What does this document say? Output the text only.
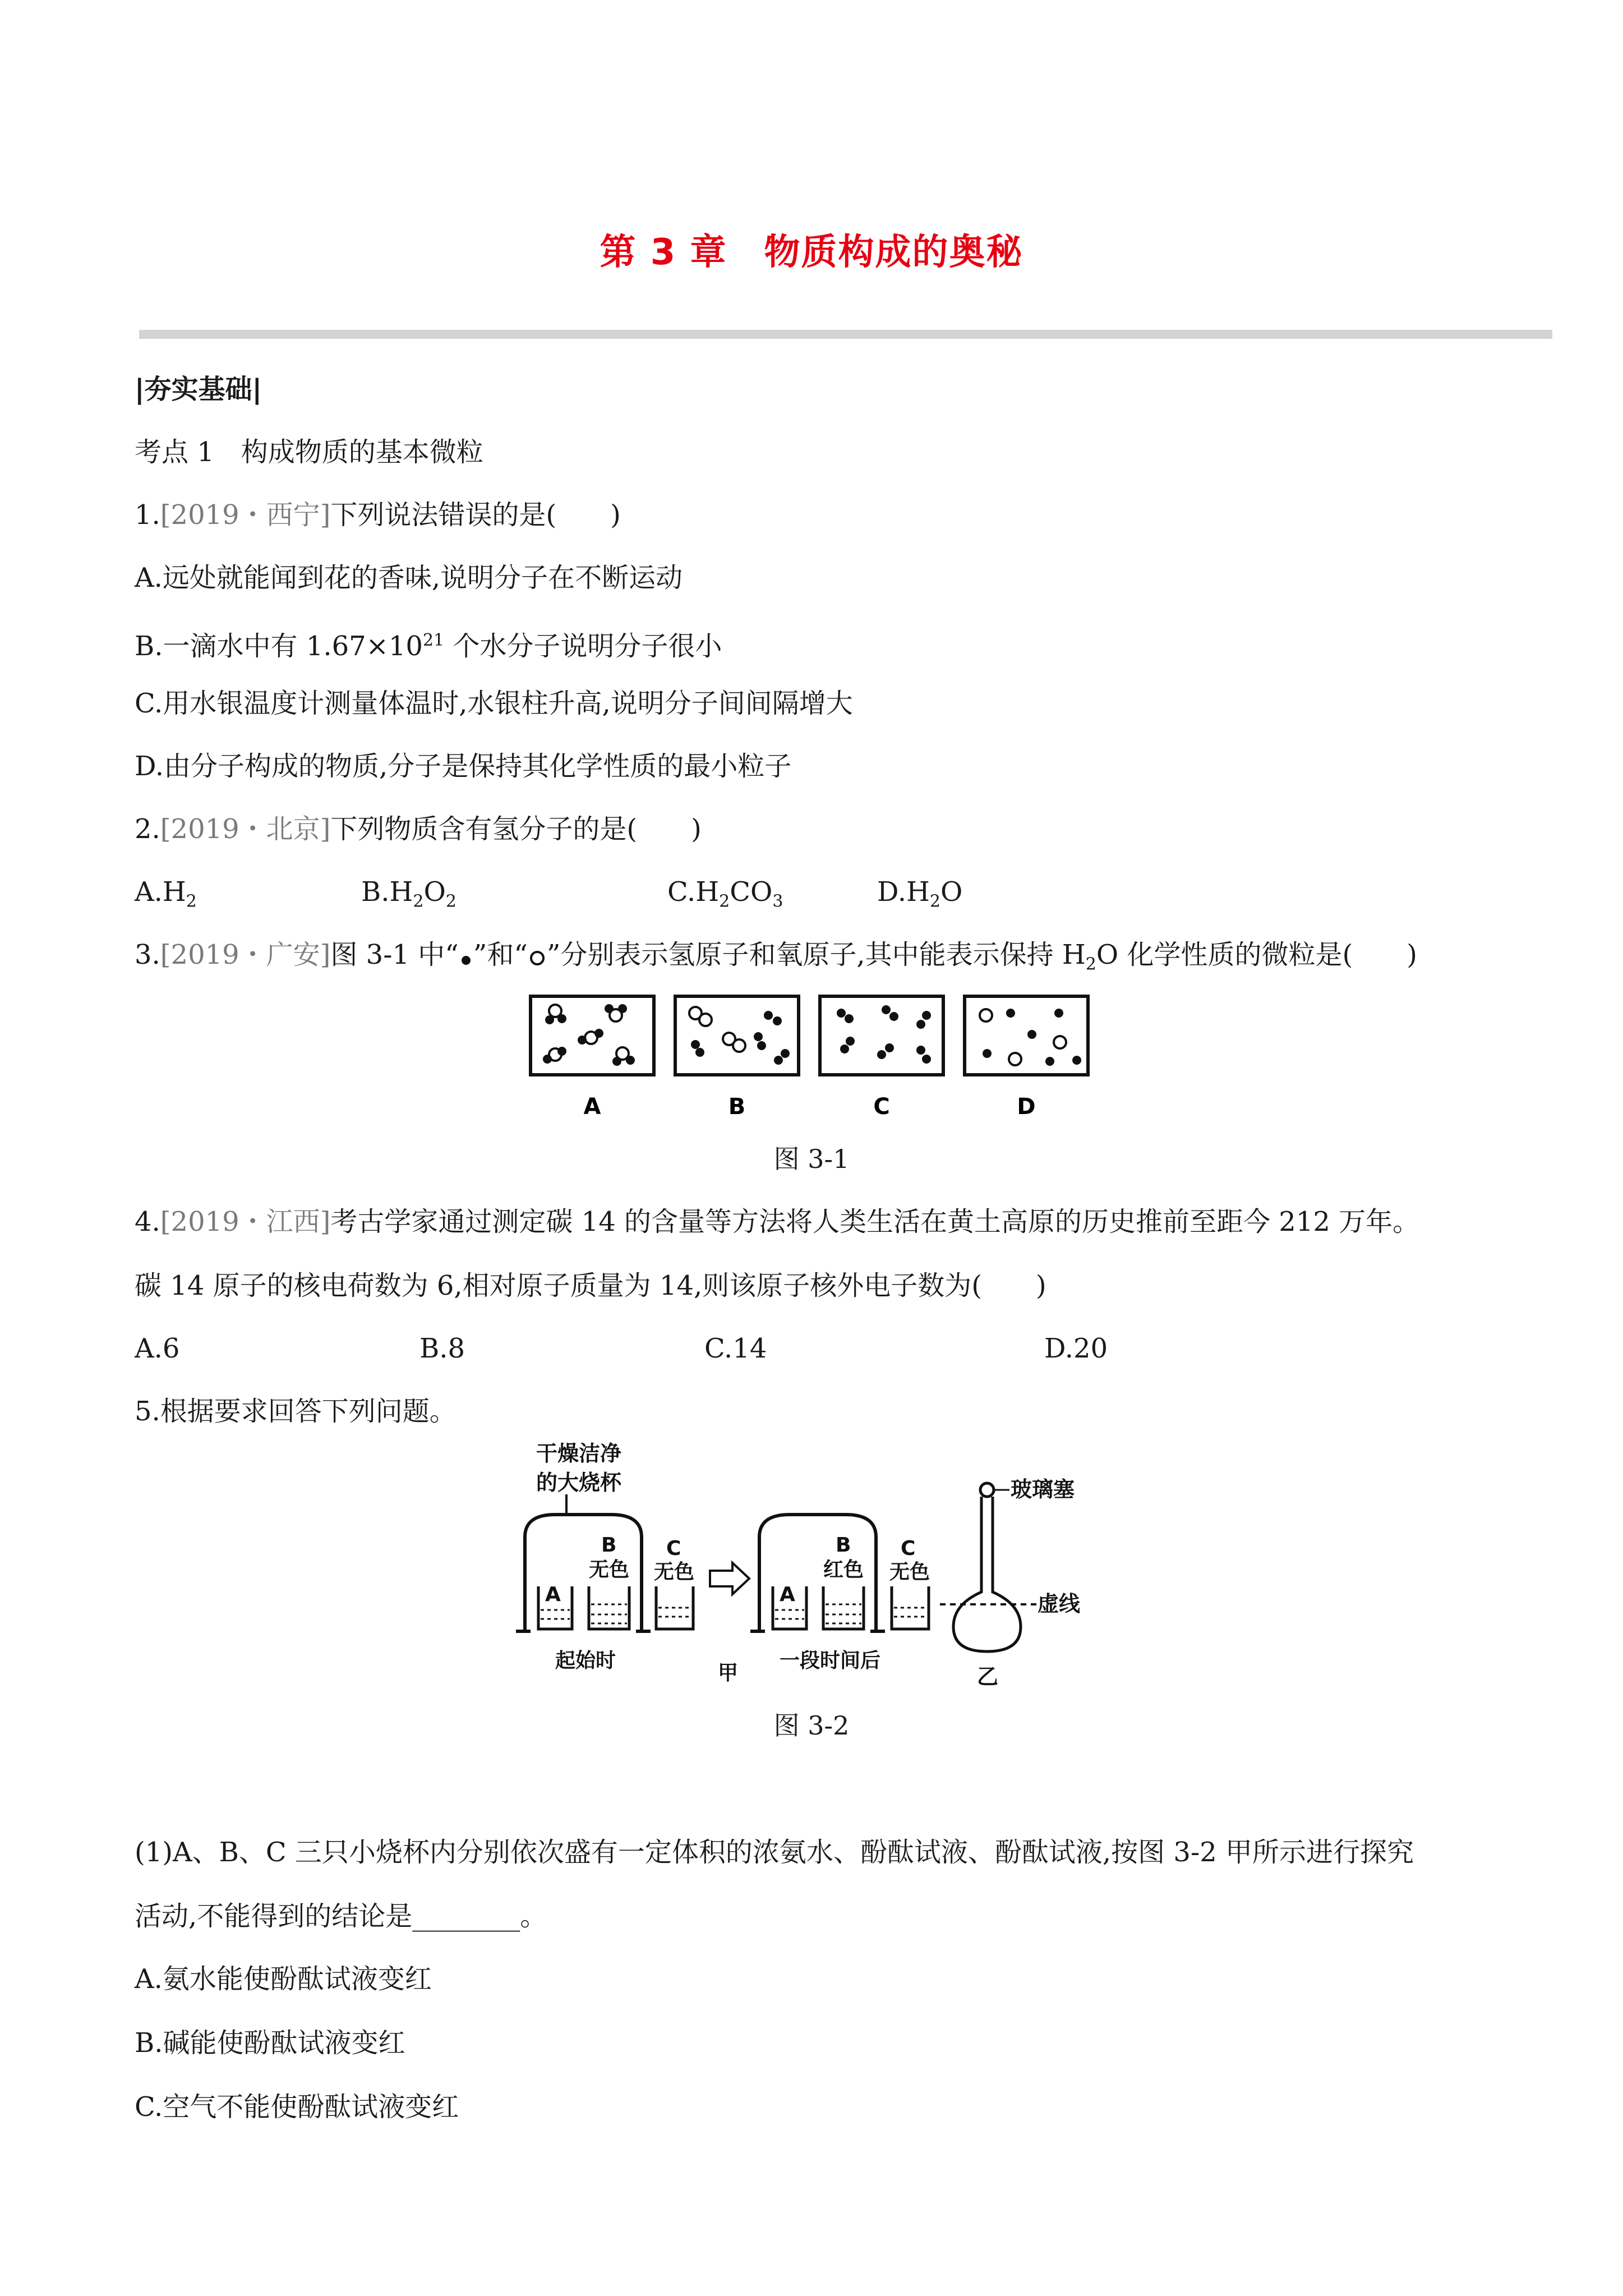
第 3 章　物质构成的奥秘
|夯实基础|
考点 1　构成物质的基本微粒
1.[2019・西宁]下列说法错误的是(　　)
A.远处就能闻到花的香味,说明分子在不断运动
B.一滴水中有 $1.67\times 10^{21}$ 个水分子说明分子很小
C.用水银温度计测量体温时,水银柱升高,说明分子间间隔增大
D.由分子构成的物质,分子是保持其化学性质的最小粒子
2.[2019・北京]下列物质含有氢分子的是(　　)
$A.H_2$	$B.H_2O_2$	$C.H_2CO_3$	$D.H_2O$
3.[2019・广安]图 3-1 中“ ”和“ ”分别表示氢原子和氧原子,其中能表示保持 $H_2O$ 化学性质的微粒是(　　)
A	B	C	D
图 3-1
4.[2019・江西]考古学家通过测定碳 14 的含量等方法将人类生活在黄土高原的历史推前至距今 212 万年。
碳 14 原子的核电荷数为 6,相对原子质量为 14,则该原子核外电子数为(　　)
A.6	B.8	C.14	D.20
5.根据要求回答下列问题。
干燥洁净
的大烧杯
A
B
无色
C
无色
起始时
A
B
红色
C
无色
一段时间后
甲
玻璃塞
虚线
乙
图 3-2
(1)A、B、C 三只小烧杯内分别依次盛有一定体积的浓氨水、酚酞试液、酚酞试液,按图 3-2 甲所示进行探究
活动,不能得到的结论是________。
A.氨水能使酚酞试液变红
B.碱能使酚酞试液变红
C.空气不能使酚酞试液变红
